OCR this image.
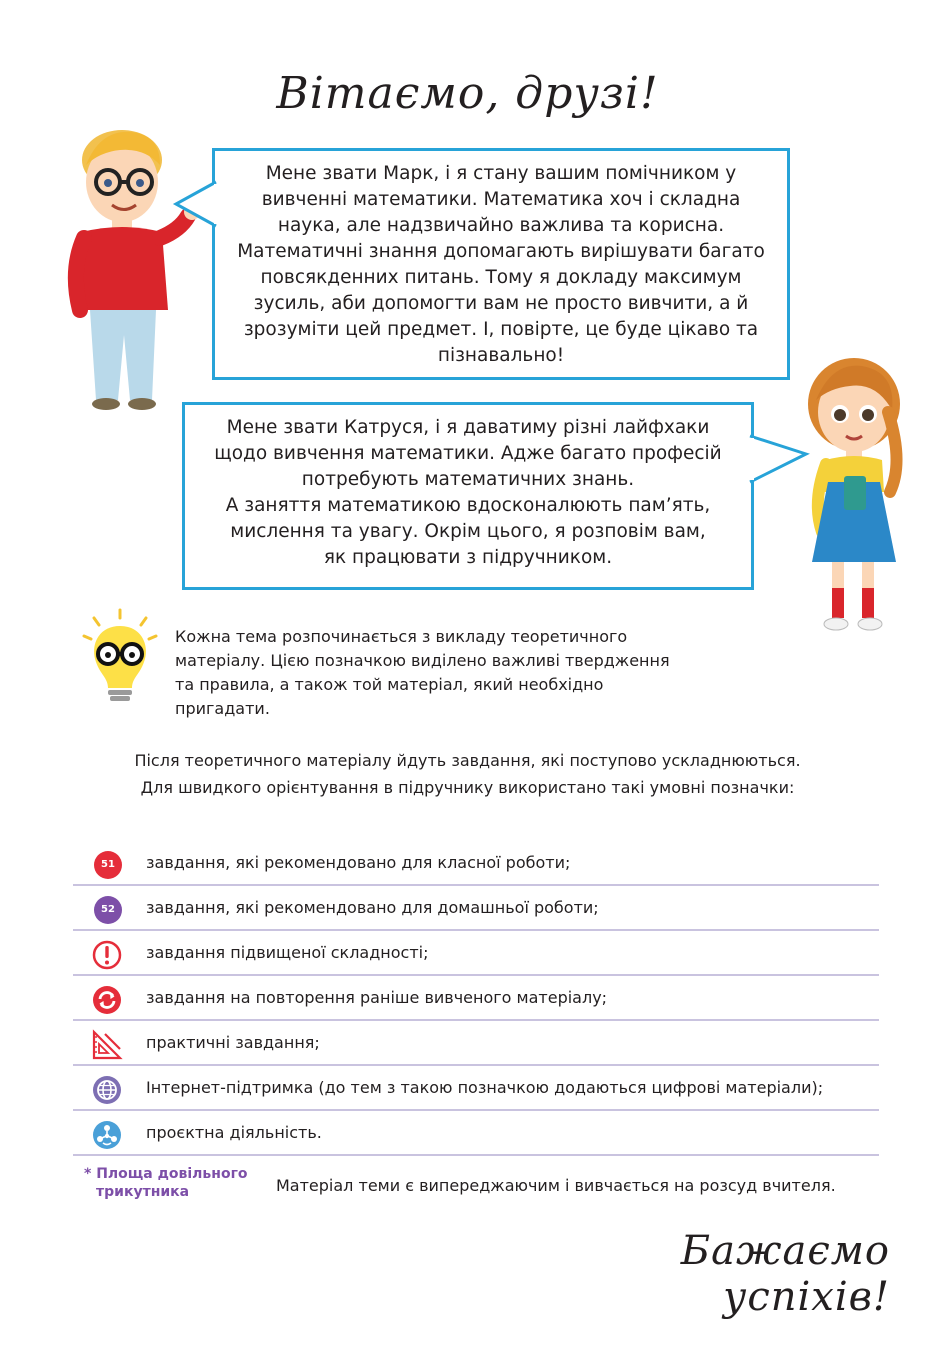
Вітаємо, друзі!
Мене звати Марк, і я стану вашим помічником у
вивченні математики. Математика хоч і складна
наука, але надзвичайно важлива та корисна.
Математичні знання допомагають вирішувати багато
повсякденних питань. Тому я докладу максимум
зусиль, аби допомогти вам не просто вивчити, а й
зрозуміти цей предмет. І, повірте, це буде цікаво та
пізнавально!
Мене звати Катруся, і я даватиму різні лайфхаки
щодо вивчення математики. Адже багато професій
потребують математичних знань.
А заняття математикою вдосконалюють пам’ять,
мислення та увагу. Окрім цього, я розповім вам,
як працювати з підручником.
Кожна тема розпочинається з викладу теоретичного
матеріалу. Цією позначкою виділено важливі твердження
та правила, а також той матеріал, який необхідно
пригадати.
Після теоретичного матеріалу йдуть завдання, які поступово ускладнюються.
Для швидкого орієнтування в підручнику використано такі умовні позначки:
51	завдання, які рекомендовано для класної роботи;
52	завдання, які рекомендовано для домашньої роботи;
завдання підвищеної складності;
завдання на повторення раніше вивченого матеріалу;
практичні завдання;
Інтернет-підтримка (до тем з такою позначкою додаються цифрові матеріали);
проєктна діяльність.
* Площа довільного
трикутника	Матеріал теми є випереджаючим і вивчається на розсуд вчителя.
Бажаємо успіхів!
